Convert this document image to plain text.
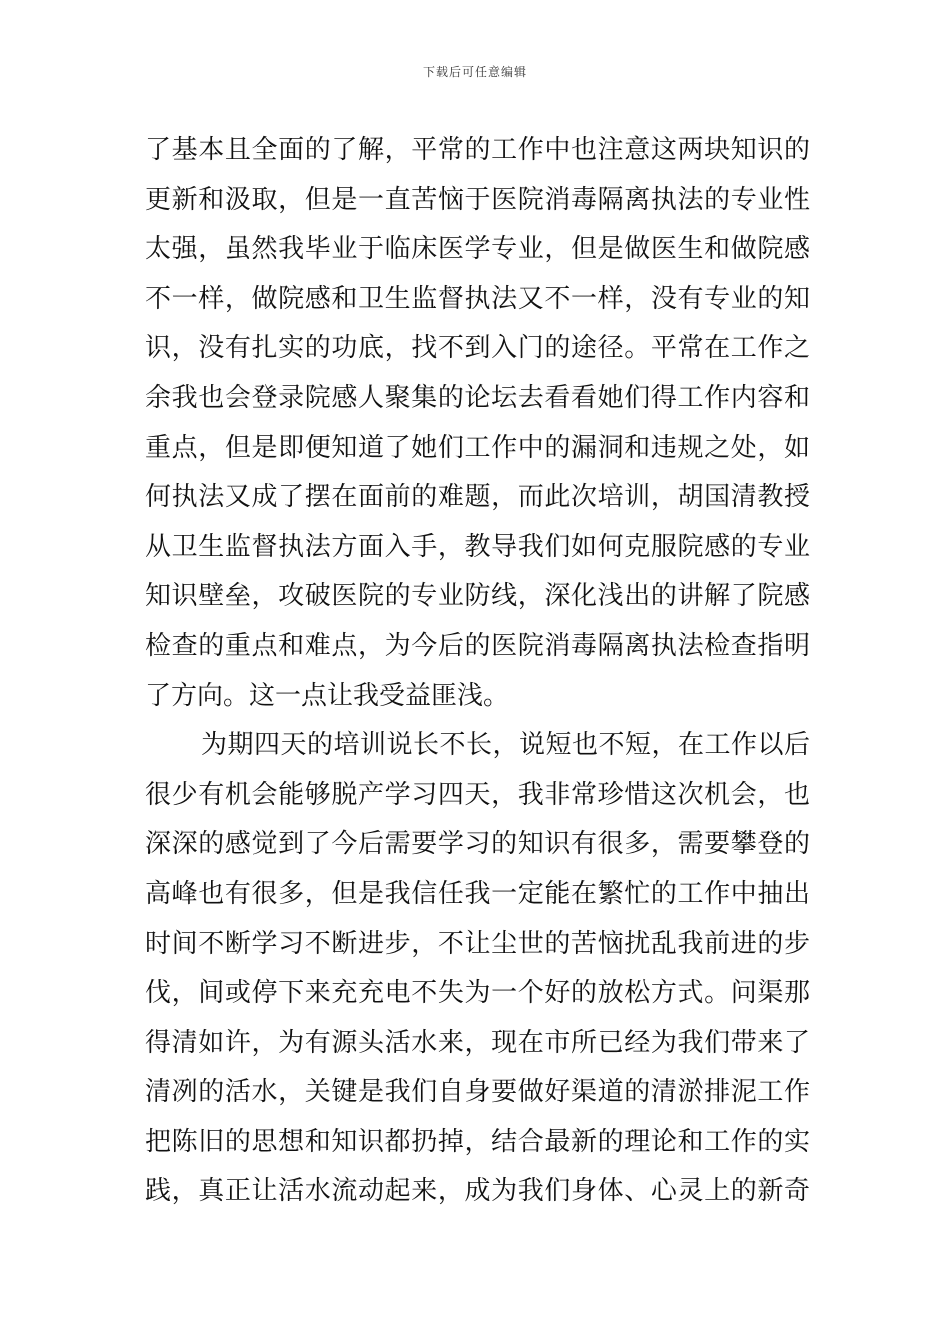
下载后可任意编辑
了基本且全面的了解，平常的工作中也注意这两块知识的
更新和汲取，但是一直苦恼于医院消毒隔离执法的专业性
太强，虽然我毕业于临床医学专业，但是做医生和做院感
不一样，做院感和卫生监督执法又不一样，没有专业的知
识，没有扎实的功底，找不到入门的途径。平常在工作之
余我也会登录院感人聚集的论坛去看看她们得工作内容和
重点，但是即便知道了她们工作中的漏洞和违规之处，如
何执法又成了摆在面前的难题，而此次培训，胡国清教授
从卫生监督执法方面入手，教导我们如何克服院感的专业
知识壁垒，攻破医院的专业防线，深化浅出的讲解了院感
检查的重点和难点，为今后的医院消毒隔离执法检查指明
了方向。这一点让我受益匪浅。
为期四天的培训说长不长，说短也不短，在工作以后
很少有机会能够脱产学习四天，我非常珍惜这次机会，也
深深的感觉到了今后需要学习的知识有很多，需要攀登的
高峰也有很多，但是我信任我一定能在繁忙的工作中抽出
时间不断学习不断进步，不让尘世的苦恼扰乱我前进的步
伐，间或停下来充充电不失为一个好的放松方式。问渠那
得清如许，为有源头活水来，现在市所已经为我们带来了
清冽的活水，关键是我们自身要做好渠道的清淤排泥工作
把陈旧的思想和知识都扔掉，结合最新的理论和工作的实
践，真正让活水流动起来，成为我们身体、心灵上的新奇
